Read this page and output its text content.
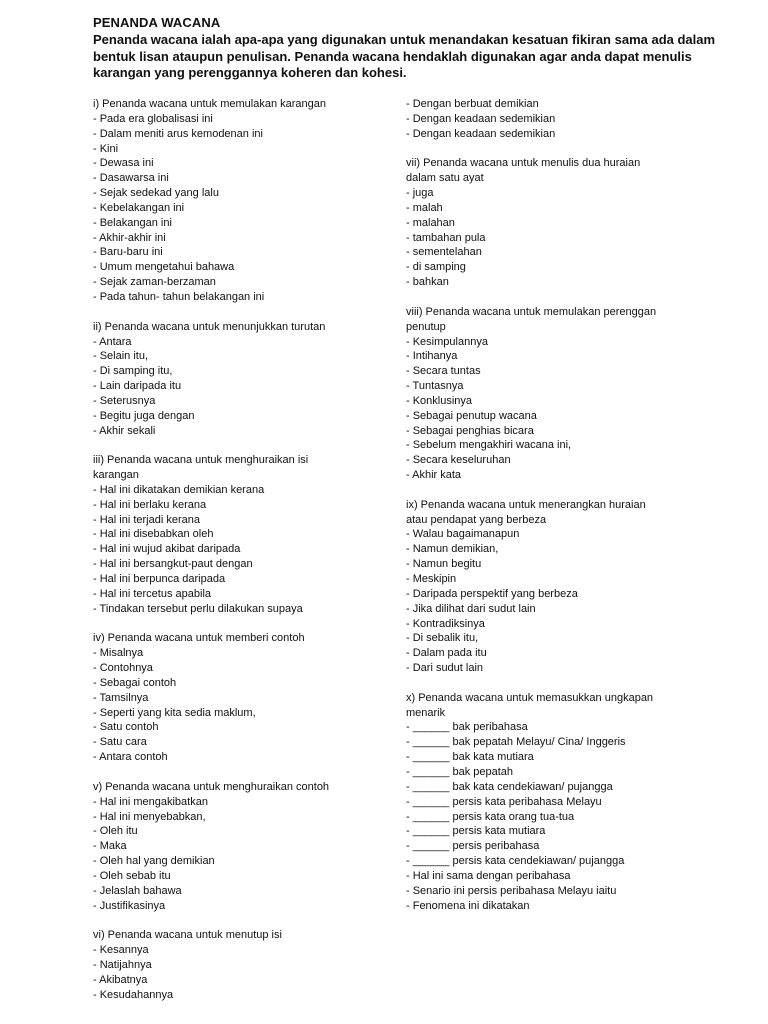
PENANDA WACANA
Penanda wacana ialah apa-apa yang digunakan untuk menandakan kesatuan fikiran sama ada dalam
bentuk lisan ataupun penulisan. Penanda wacana hendaklah digunakan agar anda dapat menulis
karangan yang perenggannya koheren dan kohesi.
i) Penanda wacana untuk memulakan karangan
- Pada era globalisasi ini
- Dalam meniti arus kemodenan ini
- Kini
- Dewasa ini
- Dasawarsa ini
- Sejak sedekad yang lalu
- Kebelakangan ini
- Belakangan ini
- Akhir-akhir ini
- Baru-baru ini
- Umum mengetahui bahawa
- Sejak zaman-berzaman
- Pada tahun- tahun belakangan ini
ii) Penanda wacana untuk menunjukkan turutan
- Antara
- Selain itu,
- Di samping itu,
- Lain daripada itu
- Seterusnya
- Begitu juga dengan
- Akhir sekali
iii) Penanda wacana untuk menghuraikan isi
karangan
- Hal ini dikatakan demikian kerana
- Hal ini berlaku kerana
- Hal ini terjadi kerana
- Hal ini disebabkan oleh
- Hal ini wujud akibat daripada
- Hal ini bersangkut-paut dengan
- Hal ini berpunca daripada
- Hal ini tercetus apabila
- Tindakan tersebut perlu dilakukan supaya
iv) Penanda wacana untuk memberi contoh
- Misalnya
- Contohnya
- Sebagai contoh
- Tamsilnya
- Seperti yang kita sedia maklum,
- Satu contoh
- Satu cara
- Antara contoh
v) Penanda wacana untuk menghuraikan contoh
- Hal ini mengakibatkan
- Hal ini menyebabkan,
- Oleh itu
- Maka
- Oleh hal yang demikian
- Oleh sebab itu
- Jelaslah bahawa
- Justifikasinya
vi) Penanda wacana untuk menutup isi
- Kesannya
- Natijahnya
- Akibatnya
- Kesudahannya
- Dengan berbuat demikian
- Dengan keadaan sedemikian
- Dengan keadaan sedemikian
vii) Penanda wacana untuk menulis dua huraian
dalam satu ayat
- juga
- malah
- malahan
- tambahan pula
- sementelahan
- di samping
- bahkan
viii) Penanda wacana untuk memulakan perenggan
penutup
- Kesimpulannya
- Intihanya
- Secara tuntas
- Tuntasnya
- Konklusinya
- Sebagai penutup wacana
- Sebagai penghias bicara
- Sebelum mengakhiri wacana ini,
- Secara keseluruhan
- Akhir kata
ix) Penanda wacana untuk menerangkan huraian
atau pendapat yang berbeza
- Walau bagaimanapun
- Namun demikian,
- Namun begitu
- Meskipin
- Daripada perspektif yang berbeza
- Jika dilihat dari sudut lain
- Kontradiksinya
- Di sebalik itu,
- Dalam pada itu
- Dari sudut lain
x) Penanda wacana untuk memasukkan ungkapan
menarik
- ______ bak peribahasa
- ______ bak pepatah Melayu/ Cina/ Inggeris
- ______ bak kata mutiara
- ______ bak pepatah
- ______ bak kata cendekiawan/ pujangga
- ______ persis kata peribahasa Melayu
- ______ persis kata orang tua-tua
- ______ persis kata mutiara
- ______ persis peribahasa
- ______ persis kata cendekiawan/ pujangga
- Hal ini sama dengan peribahasa
- Senario ini persis peribahasa Melayu iaitu
- Fenomena ini dikatakan
